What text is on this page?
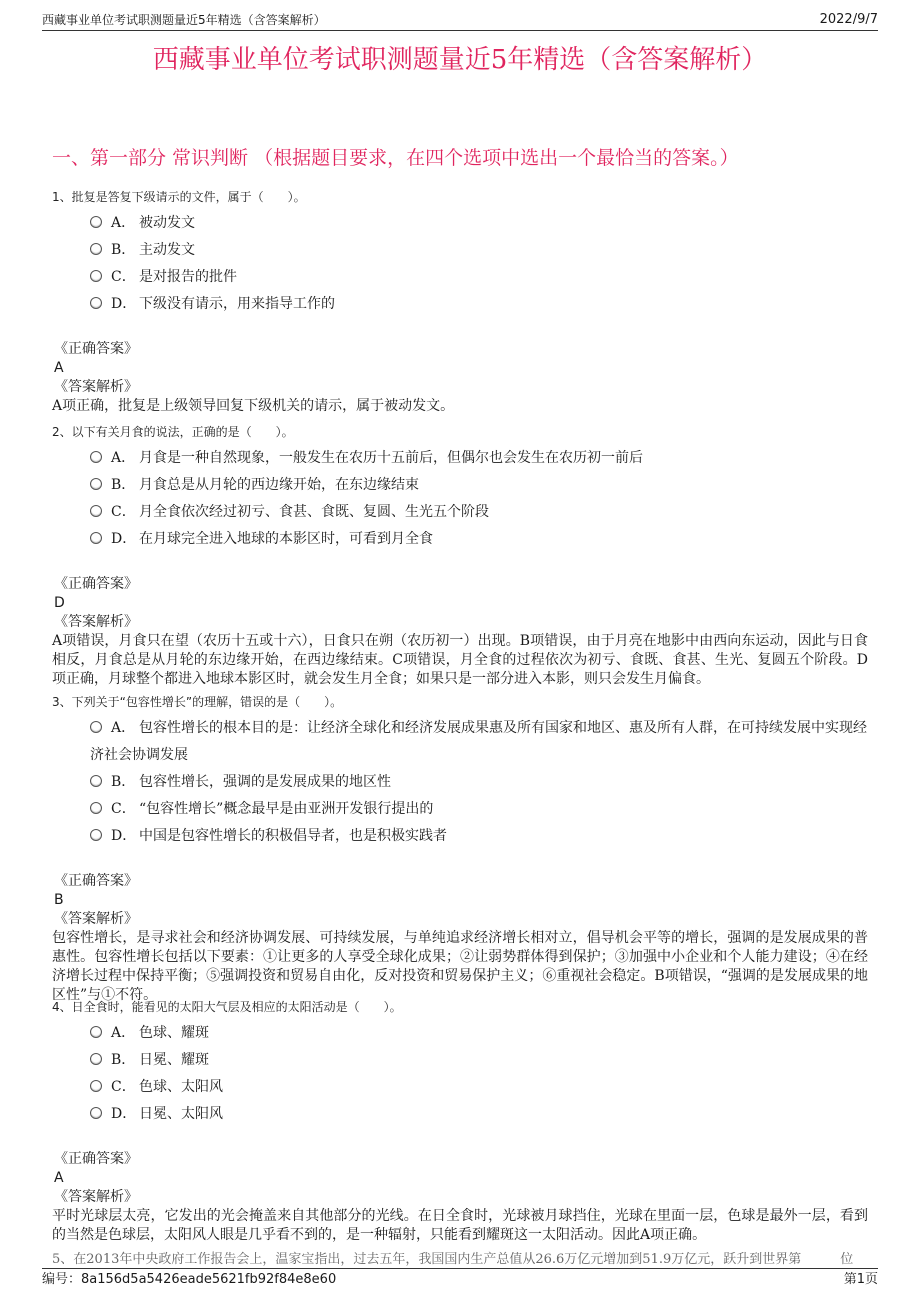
西藏事业单位考试职测题量近5年精选（含答案解析）	2022/9/7
西藏事业单位考试职测题量近5年精选（含答案解析）
一、第一部分 常识判断 （根据题目要求，在四个选项中选出一个最恰当的答案。）
1、批复是答复下级请示的文件，属于（　　）。
A． 被动发文
B． 主动发文
C． 是对报告的批件
D． 下级没有请示，用来指导工作的
《正确答案》
A
《答案解析》
A项正确，批复是上级领导回复下级机关的请示，属于被动发文。
2、以下有关月食的说法，正确的是（　　）。
A． 月食是一种自然现象，一般发生在农历十五前后，但偶尔也会发生在农历初一前后
B． 月食总是从月轮的西边缘开始，在东边缘结束
C． 月全食依次经过初亏、食甚、食既、复圆、生光五个阶段
D． 在月球完全进入地球的本影区时，可看到月全食
《正确答案》
D
《答案解析》
A项错误，月食只在望（农历十五或十六），日食只在朔（农历初一）出现。B项错误，由于月亮在地影中由西向东运动，因此与日食相反，月食总是从月轮的东边缘开始，在西边缘结束。C项错误，月全食的过程依次为初亏、食既、食甚、生光、复圆五个阶段。D项正确，月球整个都进入地球本影区时，就会发生月全食；如果只是一部分进入本影，则只会发生月偏食。
3、下列关于“包容性增长”的理解，错误的是（　　）。
A． 包容性增长的根本目的是：让经济全球化和经济发展成果惠及所有国家和地区、惠及所有人群，在可持续发展中实现经济社会协调发展
B． 包容性增长，强调的是发展成果的地区性
C． “包容性增长”概念最早是由亚洲开发银行提出的
D． 中国是包容性增长的积极倡导者，也是积极实践者
《正确答案》
B
《答案解析》
包容性增长，是寻求社会和经济协调发展、可持续发展，与单纯追求经济增长相对立，倡导机会平等的增长，强调的是发展成果的普惠性。包容性增长包括以下要素：①让更多的人享受全球化成果；②让弱势群体得到保护；③加强中小企业和个人能力建设；④在经济增长过程中保持平衡；⑤强调投资和贸易自由化，反对投资和贸易保护主义；⑥重视社会稳定。B项错误，“强调的是发展成果的地区性”与①不符。
4、日全食时，能看见的太阳大气层及相应的太阳活动是（　　）。
A． 色球、耀斑
B． 日冕、耀斑
C． 色球、太阳风
D． 日冕、太阳风
《正确答案》
A
《答案解析》
平时光球层太亮，它发出的光会掩盖来自其他部分的光线。在日全食时，光球被月球挡住，光球在里面一层，色球是最外一层，看到的当然是色球层，太阳风人眼是几乎看不到的，是一种辐射，只能看到耀斑这一太阳活动。因此A项正确。
5、在2013年中央政府工作报告会上，温家宝指出，过去五年，我国国内生产总值从26.6万亿元增加到51.9万亿元，跃升到世界第　　　位
编号：8a156d5a5426eade5621fb92f84e8e60	第1页
